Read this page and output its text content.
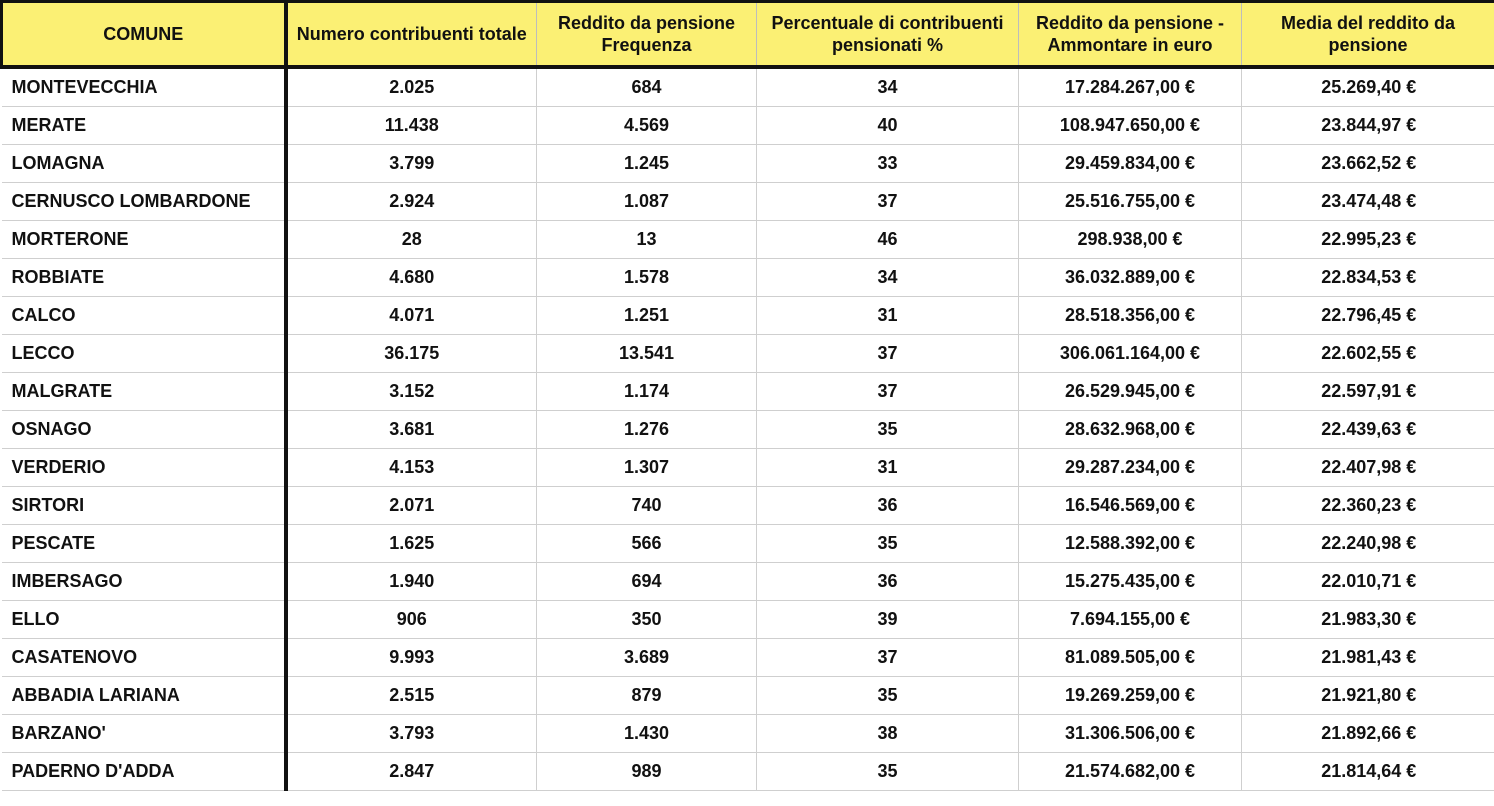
COMUNE	Numero contribuenti totale	Reddito da pensione Frequenza	Percentuale di contribuenti pensionati %	Reddito da pensione -Ammontare in euro	Media del reddito da pensione
MONTEVECCHIA	2.025	684	34	17.284.267,00 €	25.269,40 €
MERATE	11.438	4.569	40	108.947.650,00 €	23.844,97 €
LOMAGNA	3.799	1.245	33	29.459.834,00 €	23.662,52 €
CERNUSCO LOMBARDONE	2.924	1.087	37	25.516.755,00 €	23.474,48 €
MORTERONE	28	13	46	298.938,00 €	22.995,23 €
ROBBIATE	4.680	1.578	34	36.032.889,00 €	22.834,53 €
CALCO	4.071	1.251	31	28.518.356,00 €	22.796,45 €
LECCO	36.175	13.541	37	306.061.164,00 €	22.602,55 €
MALGRATE	3.152	1.174	37	26.529.945,00 €	22.597,91 €
OSNAGO	3.681	1.276	35	28.632.968,00 €	22.439,63 €
VERDERIO	4.153	1.307	31	29.287.234,00 €	22.407,98 €
SIRTORI	2.071	740	36	16.546.569,00 €	22.360,23 €
PESCATE	1.625	566	35	12.588.392,00 €	22.240,98 €
IMBERSAGO	1.940	694	36	15.275.435,00 €	22.010,71 €
ELLO	906	350	39	7.694.155,00 €	21.983,30 €
CASATENOVO	9.993	3.689	37	81.089.505,00 €	21.981,43 €
ABBADIA LARIANA	2.515	879	35	19.269.259,00 €	21.921,80 €
BARZANO'	3.793	1.430	38	31.306.506,00 €	21.892,66 €
PADERNO D'ADDA	2.847	989	35	21.574.682,00 €	21.814,64 €
